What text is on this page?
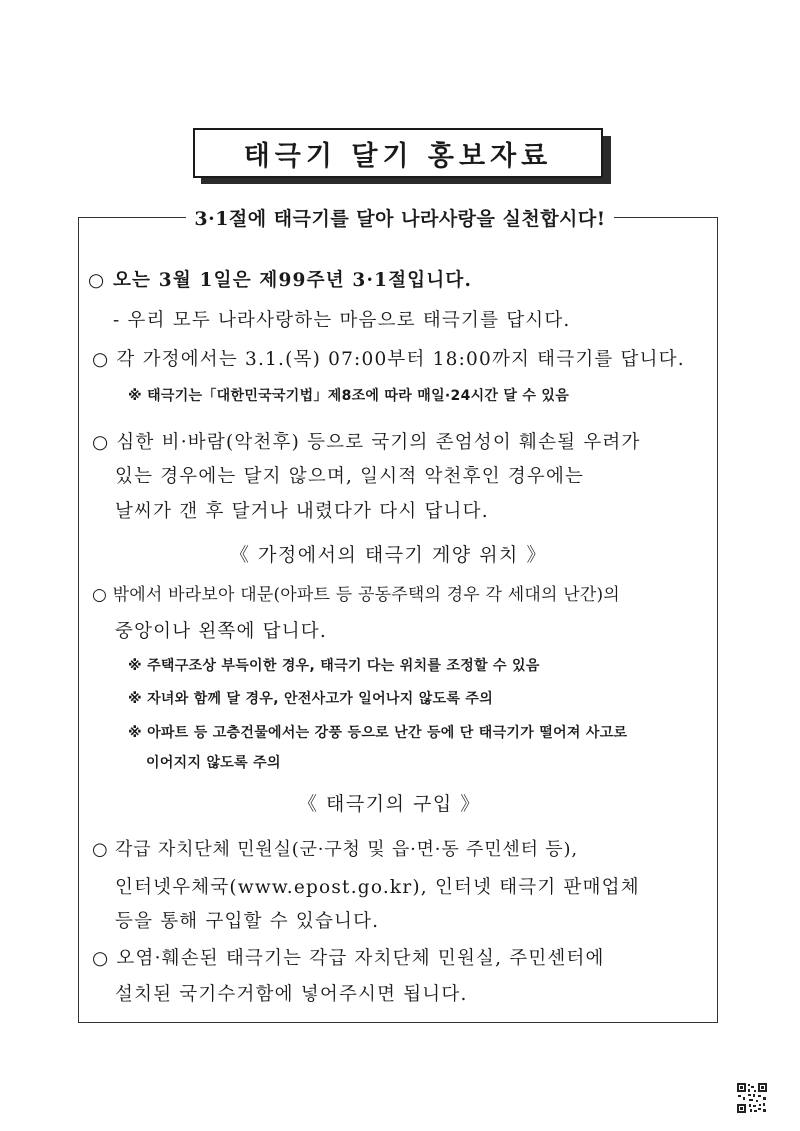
태극기 달기 홍보자료
3·1절에 태극기를 달아 나라사랑을 실천합시다!
○ 오는 3월 1일은 제99주년 3·1절입니다.
- 우리 모두 나라사랑하는 마음으로 태극기를 답시다.
○ 각 가정에서는 3.1.(목) 07:00부터 18:00까지 태극기를 답니다.
※ 태극기는「대한민국국기법」제8조에 따라 매일·24시간 달 수 있음
○ 심한 비·바람(악천후) 등으로 국기의 존엄성이 훼손될 우려가
있는 경우에는 달지 않으며, 일시적 악천후인 경우에는
날씨가 갠 후 달거나 내렸다가 다시 답니다.
《 가정에서의 태극기 게양 위치 》
○ 밖에서 바라보아 대문(아파트 등 공동주택의 경우 각 세대의 난간)의
중앙이나 왼쪽에 답니다.
※ 주택구조상 부득이한 경우, 태극기 다는 위치를 조정할 수 있음
※ 자녀와 함께 달 경우, 안전사고가 일어나지 않도록 주의
※ 아파트 등 고층건물에서는 강풍 등으로 난간 등에 단 태극기가 떨어져 사고로
이어지지 않도록 주의
《 태극기의 구입 》
○ 각급 자치단체 민원실(군·구청 및 읍·면·동 주민센터 등),
인터넷우체국(www.epost.go.kr), 인터넷 태극기 판매업체
등을 통해 구입할 수 있습니다.
○ 오염·훼손된 태극기는 각급 자치단체 민원실, 주민센터에
설치된 국기수거함에 넣어주시면 됩니다.
